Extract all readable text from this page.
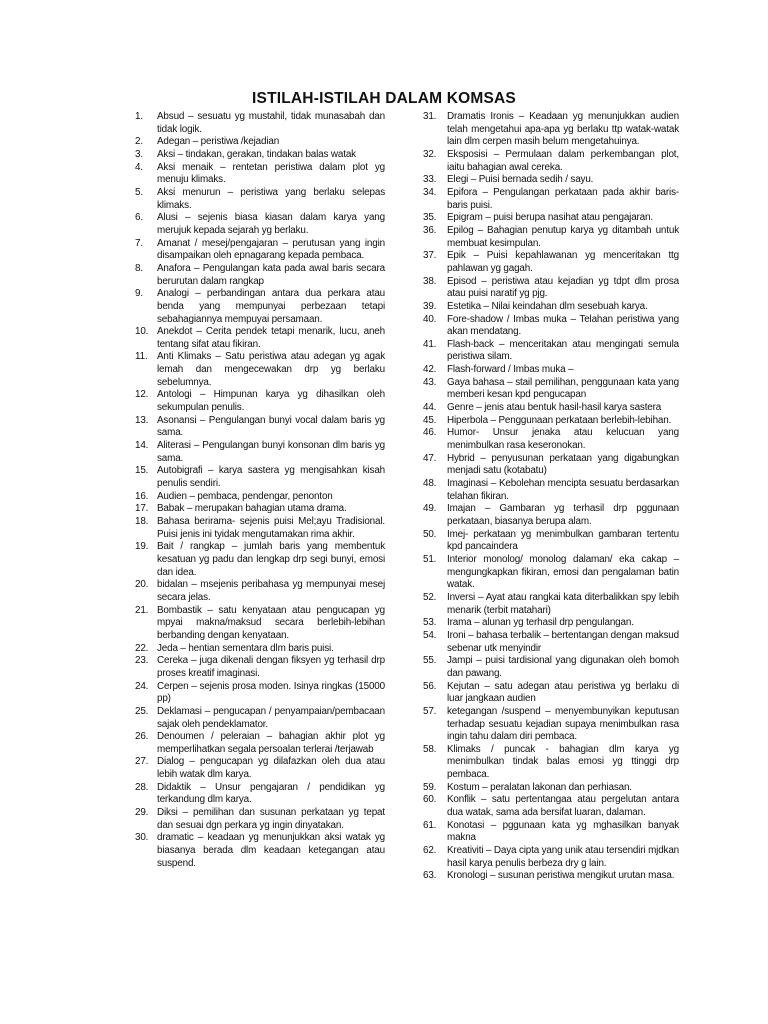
ISTILAH-ISTILAH DALAM KOMSAS
1.	Absud – sesuatu yg mustahil, tidak munasabah dan tidak logik.
2.	Adegan – peristiwa /kejadian
3.	Aksi – tindakan, gerakan, tindakan balas watak
4.	Aksi menaik – rentetan peristiwa dalam plot yg menuju klimaks.
5.	Aksi menurun – peristiwa yang berlaku selepas klimaks.
6.	Alusi – sejenis biasa kiasan dalam karya yang merujuk kepada sejarah yg berlaku.
7.	Amanat / mesej/pengajaran – perutusan yang ingin disampaikan oleh epnagarang kepada pembaca.
8.	Anafora – Pengulangan kata pada awal baris secara berurutan dalam rangkap
9.	Analogi – perbandingan antara dua perkara atau benda yang mempunyai perbezaan tetapi sebahagiannya mempuyai persamaan.
10. Anekdot – Cerita pendek tetapi menarik, lucu, aneh tentang sifat atau fikiran.
11. Anti Klimaks – Satu peristiwa atau adegan yg agak lemah dan mengecewakan drp yg berlaku sebelumnya.
12. Antologi – Himpunan karya yg dihasilkan oleh sekumpulan penulis.
13. Asonansi – Pengulangan bunyi vocal dalam baris yg sama.
14. Aliterasi – Pengulangan bunyi konsonan dlm baris yg sama.
15. Autobigrafi – karya sastera yg mengisahkan kisah penulis sendiri.
16. Audien – pembaca, pendengar, penonton
17. Babak – merupakan bahagian utama drama.
18. Bahasa berirama- sejenis puisi Mel;ayu Tradisional. Puisi jenis ini tyidak mengutamakan rima akhir.
19. Bait / rangkap – jumlah baris yang membentuk kesatuan yg padu dan lengkap drp segi bunyi, emosi dan idea.
20. bidalan – msejenis peribahasa yg mempunyai mesej secara jelas.
21. Bombastik – satu kenyataan atau pengucapan yg mpyai makna/maksud secara berlebih-lebihan berbanding dengan kenyataan.
22. Jeda – hentian sementara dlm baris puisi.
23. Cereka – juga dikenali dengan fiksyen yg terhasil drp proses kreatif imaginasi.
24. Cerpen – sejenis prosa moden. Isinya ringkas (15000 pp)
25. Deklamasi – pengucapan / penyampaian/pembacaan sajak oleh pendeklamator.
26. Denoumen / peleraian – bahagian akhir plot yg memperlihatkan segala persoalan terlerai /terjawab
27. Dialog – pengucapan yg dilafazkan oleh dua atau lebih watak dlm karya.
28. Didaktik – Unsur pengajaran / pendidikan yg terkandung dlm karya.
29. Diksi – pemilihan dan susunan perkataan yg tepat dan sesuai dgn perkara yg ingin dinyatakan.
30. dramatic – keadaan yg menunjukkan aksi watak yg biasanya berada dlm keadaan ketegangan atau suspend.
31.	Dramatis Ironis – Keadaan yg menunjukkan audien telah mengetahui apa-apa yg berlaku ttp watak-watak lain dlm cerpen masih belum mengetahuinya.
32.	Eksposisi – Permulaan dalam perkembangan plot, iaitu bahagian awal cereka.
33.	Elegi – Puisi bernada sedih / sayu.
34.	Epifora – Pengulangan perkataan pada akhir baris-baris puisi.
35.	Epigram – puisi berupa nasihat atau pengajaran.
36.	Epilog – Bahagian penutup karya yg ditambah untuk membuat kesimpulan.
37.	Epik – Puisi kepahlawanan yg menceritakan ttg pahlawan yg gagah.
38.	Episod – peristiwa atau kejadian yg tdpt dlm prosa atau puisi naratif yg pjg.
39.	Estetika – Nilai keindahan dlm sesebuah karya.
40.	Fore-shadow / Imbas muka – Telahan peristiwa yang akan mendatang.
41.	Flash-back – menceritakan atau mengingati semula peristiwa silam.
42.	Flash-forward / Imbas muka –
43.	Gaya bahasa – stail pemilihan, penggunaan kata yang memberi kesan kpd pengucapan
44.	Genre – jenis atau bentuk hasil-hasil karya sastera
45.	Hiperbola – Penggunaan perkataan berlebih-lebihan.
46.	Humor- Unsur jenaka atau kelucuan yang menimbulkan rasa keseronokan.
47.	Hybrid – penyusunan perkataan yang digabungkan menjadi satu (kotabatu)
48.	Imaginasi – Kebolehan mencipta sesuatu berdasarkan telahan fikiran.
49.	Imajan – Gambaran yg terhasil drp pggunaan perkataan, biasanya berupa alam.
50.	Imej- perkataan yg menimbulkan gambaran tertentu kpd pancaindera
51.	Interior monolog/ monolog dalaman/ eka cakap – mengungkapkan fikiran, emosi dan pengalaman batin watak.
52.	Inversi – Ayat atau rangkai kata diterbalikkan spy lebih menarik (terbit matahari)
53.	Irama – alunan yg terhasil drp pengulangan.
54.	Ironi – bahasa terbalik – bertentangan dengan maksud sebenar utk menyindir
55.	Jampi – puisi tardisional yang digunakan oleh bomoh dan pawang.
56.	Kejutan – satu adegan atau peristiwa yg berlaku di luar jangkaan audien
57.	ketegangan /suspend – menyembunyikan keputusan terhadap sesuatu kejadian supaya menimbulkan rasa ingin tahu dalam diri pembaca.
58.	Klimaks / puncak - bahagian dlm karya yg menimbulkan tindak balas emosi yg ttinggi drp pembaca.
59.	Kostum – peralatan lakonan dan perhiasan.
60.	Konflik – satu pertentangaa atau pergelutan antara dua watak, sama ada bersifat luaran, dalaman.
61.	Konotasi – pggunaan kata yg mghasilkan banyak makna
62.	Kreativiti – Daya cipta yang unik atau tersendiri mjdkan hasil karya penulis berbeza dry g lain.
63.	Kronologi – susunan peristiwa mengikut urutan masa.
